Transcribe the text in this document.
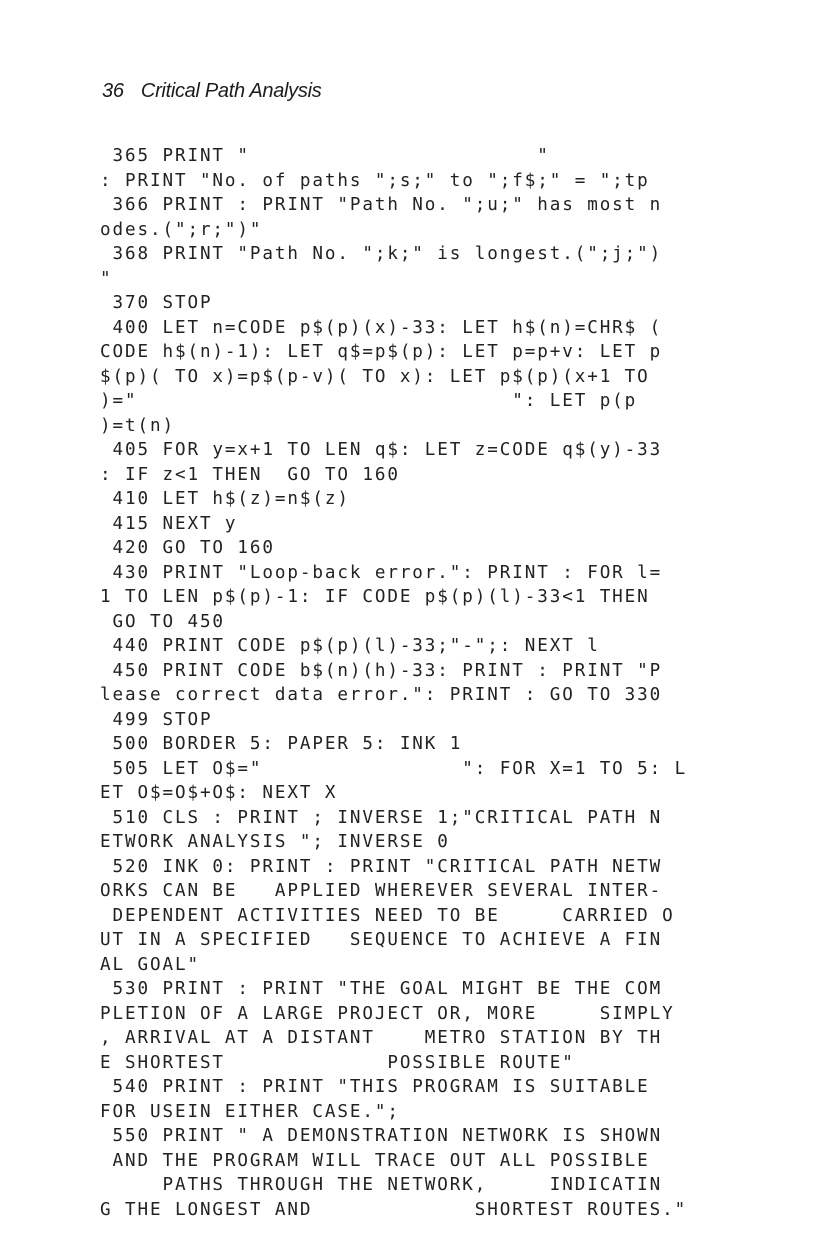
36 Critical Path Analysis
365 PRINT "                       "
: PRINT "No. of paths ";s;" to ";f$;" = ";tp
366 PRINT : PRINT "Path No. ";u;" has most n
odes.(";r;")"
368 PRINT "Path No. ";k;" is longest.(";j;")
"
370 STOP
400 LET n=CODE p$(p)(x)-33: LET h$(n)=CHR$ (
CODE h$(n)-1): LET q$=p$(p): LET p=p+v: LET p
$(p)( TO x)=p$(p-v)( TO x): LET p$(p)(x+1 TO
)="                              ": LET p(p
)=t(n)
405 FOR y=x+1 TO LEN q$: LET z=CODE q$(y)-33
: IF z<1 THEN  GO TO 160
410 LET h$(z)=n$(z)
415 NEXT y
420 GO TO 160
430 PRINT "Loop-back error.": PRINT : FOR l=
1 TO LEN p$(p)-1: IF CODE p$(p)(l)-33<1 THEN
GO TO 450
440 PRINT CODE p$(p)(l)-33;"-";: NEXT l
450 PRINT CODE b$(n)(h)-33: PRINT : PRINT "P
lease correct data error.": PRINT : GO TO 330
499 STOP
500 BORDER 5: PAPER 5: INK 1
505 LET O$="                ": FOR X=1 TO 5: L
ET O$=O$+O$: NEXT X
510 CLS : PRINT ; INVERSE 1;"CRITICAL PATH N
ETWORK ANALYSIS "; INVERSE 0
520 INK 0: PRINT : PRINT "CRITICAL PATH NETW
ORKS CAN BE   APPLIED WHEREVER SEVERAL INTER-
DEPENDENT ACTIVITIES NEED TO BE     CARRIED O
UT IN A SPECIFIED   SEQUENCE TO ACHIEVE A FIN
AL GOAL"
530 PRINT : PRINT "THE GOAL MIGHT BE THE COM
PLETION OF A LARGE PROJECT OR, MORE     SIMPLY
, ARRIVAL AT A DISTANT    METRO STATION BY TH
E SHORTEST             POSSIBLE ROUTE"
540 PRINT : PRINT "THIS PROGRAM IS SUITABLE
FOR USEIN EITHER CASE.";
550 PRINT " A DEMONSTRATION NETWORK IS SHOWN
AND THE PROGRAM WILL TRACE OUT ALL POSSIBLE
PATHS THROUGH THE NETWORK,     INDICATIN
G THE LONGEST AND             SHORTEST ROUTES."
